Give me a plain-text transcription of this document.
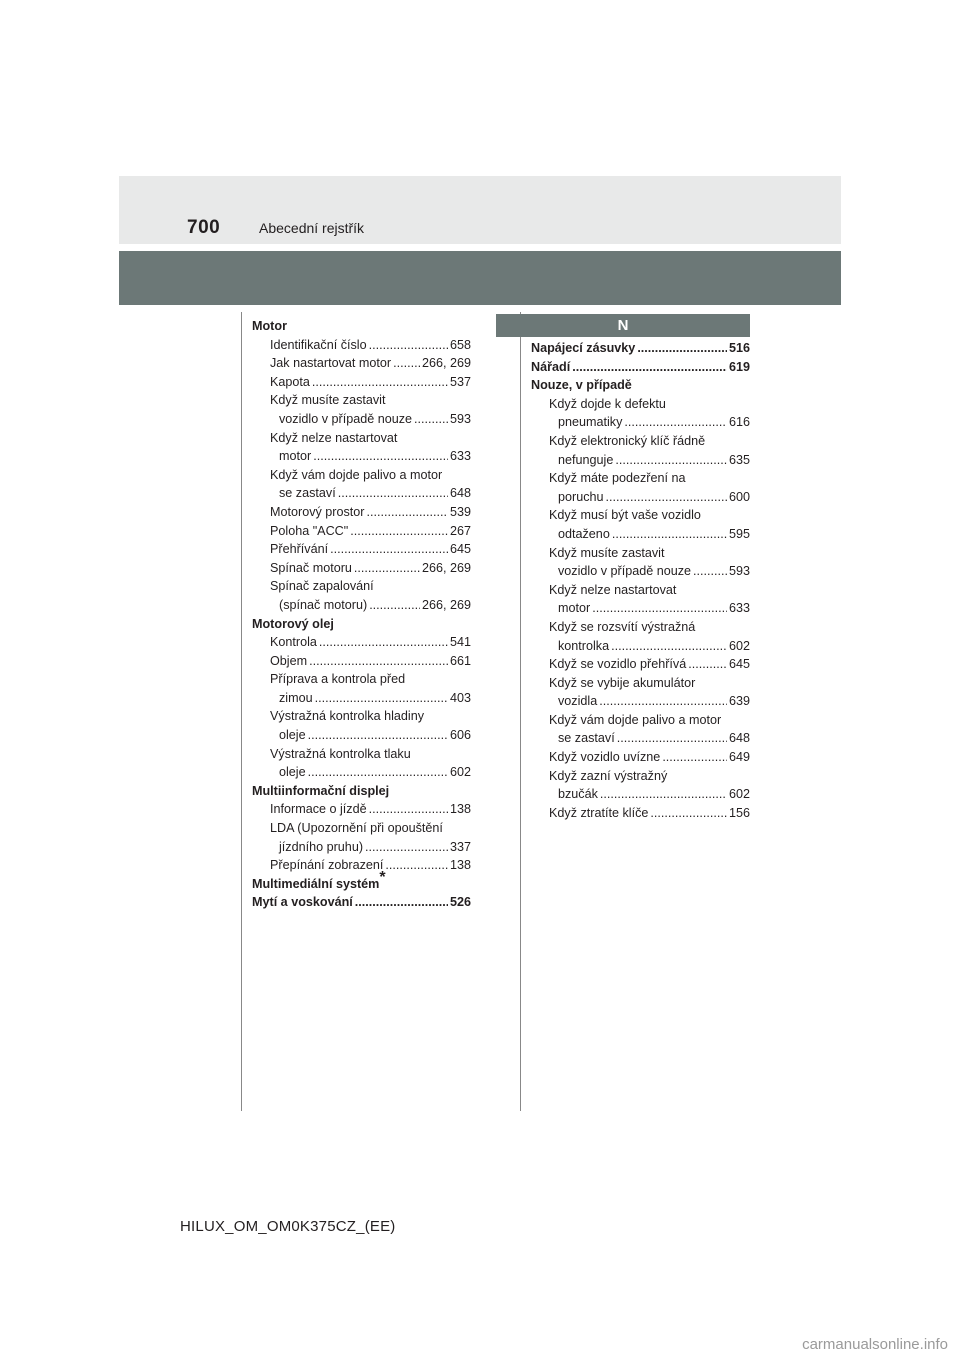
700	Abecední rejstřík
Motor
Identifikační číslo .....	658
Jak nastartovat motor ..... 266, 269
Kapota .....	537
Když musíte zastavit
vozidlo v případě nouze .....	593
Když nelze nastartovat
motor .....	633
Když vám dojde palivo a motor
se zastaví .....	648
Motorový prostor .....	539
Poloha "ACC" .....	267
Přehřívání .....	645
Spínač motoru .....	266, 269
Spínač zapalování
(spínač motoru) .....	266, 269
Motorový olej
Kontrola .....	541
Objem .....	661
Příprava a kontrola před
zimou .....	403
Výstražná kontrolka hladiny
oleje .....	606
Výstražná kontrolka tlaku
oleje .....	602
Multiinformační displej
Informace o jízdě .....	138
LDA (Upozornění při opouštění
jízdního pruhu) .....	337
Přepínání zobrazení .....	138
Multimediální systém*
Mytí a voskování .....	526
N
Napájecí zásuvky .....	516
Nářadí .....	619
Nouze, v případě
Když dojde k defektu
pneumatiky .....	616
Když elektronický klíč řádně
nefunguje .....	635
Když máte podezření na
poruchu .....	600
Když musí být vaše vozidlo
odtaženo .....	595
Když musíte zastavit
vozidlo v případě nouze .....	593
Když nelze nastartovat
motor .....	633
Když se rozsvítí výstražná
kontrolka .....	602
Když se vozidlo přehřívá .....	645
Když se vybije akumulátor
vozidla .....	639
Když vám dojde palivo a motor
se zastaví .....	648
Když vozidlo uvízne .....	649
Když zazní výstražný
bzučák .....	602
Když ztratíte klíče .....	156
HILUX_OM_OM0K375CZ_(EE)
carmanualsonline.info
